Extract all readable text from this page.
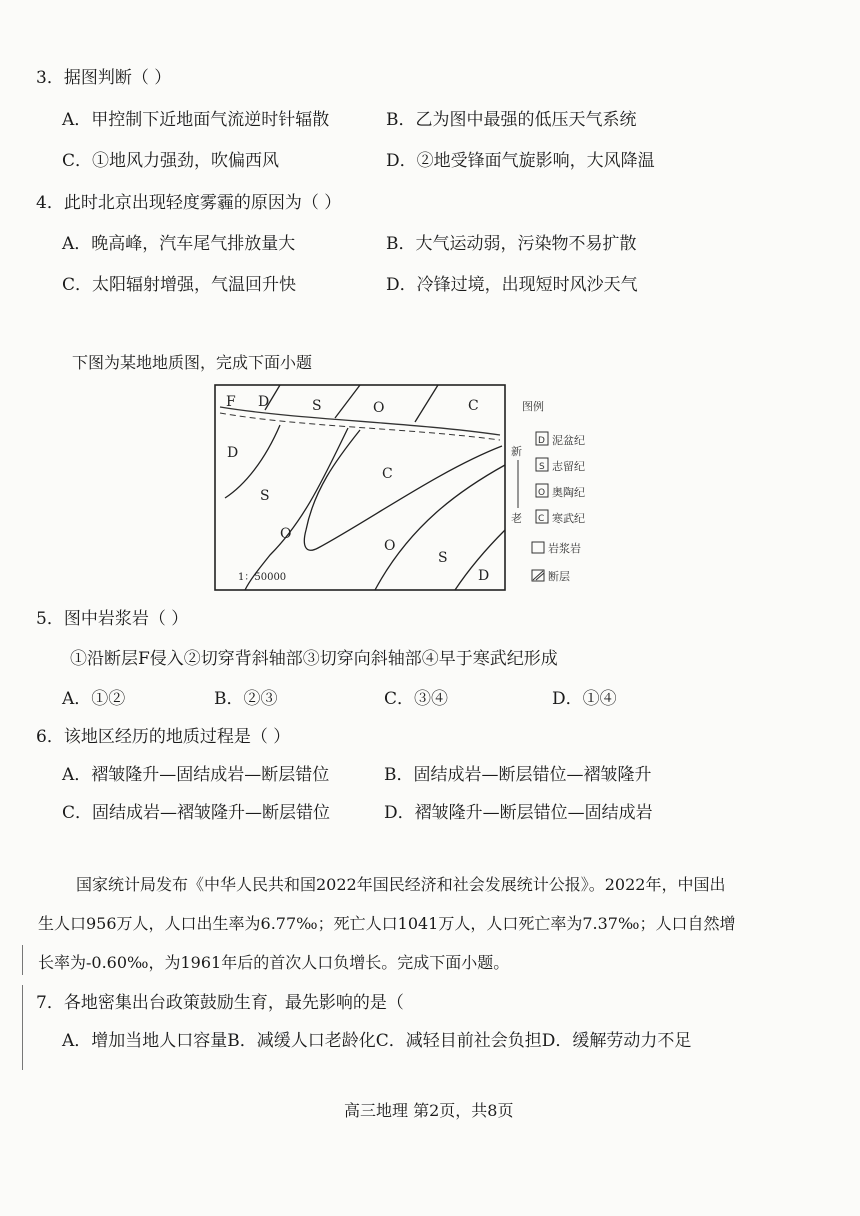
3．据图判断（ ）
A．甲控制下近地面气流逆时针辐散	B．乙为图中最强的低压天气系统
C．①地风力强劲，吹偏西风	D．②地受锋面气旋影响，大风降温
4．此时北京出现轻度雾霾的原因为（ ）
A．晚高峰，汽车尾气排放量大	B．大气运动弱，污染物不易扩散
C．太阳辐射增强，气温回升快	D．冷锋过境，出现短时风沙天气
下图为某地地质图，完成下面小题
F D	S	O	C
D
S
C
O
O
S
D
1：50000
图例
新
老
D 泥盆纪
S 志留纪
O 奥陶纪
C 寒武纪
岩浆岩
断层
5．图中岩浆岩（ ）
①沿断层F侵入②切穿背斜轴部③切穿向斜轴部④早于寒武纪形成
A．①②	B．②③	C．③④	D．①④
6．该地区经历的地质过程是（ ）
A．褶皱隆升—固结成岩—断层错位	B．固结成岩—断层错位—褶皱隆升
C．固结成岩—褶皱隆升—断层错位	D．褶皱隆升—断层错位—固结成岩
国家统计局发布《中华人民共和国2022年国民经济和社会发展统计公报》。2022年，中国出
生人口956万人，人口出生率为6.77‰；死亡人口1041万人，人口死亡率为7.37‰；人口自然增
长率为-0.60‰，为1961年后的首次人口负增长。完成下面小题。
7．各地密集出台政策鼓励生育，最先影响的是（
A．增加当地人口容量B．减缓人口老龄化C．减轻目前社会负担D．缓解劳动力不足
高三地理 第2页，共8页
